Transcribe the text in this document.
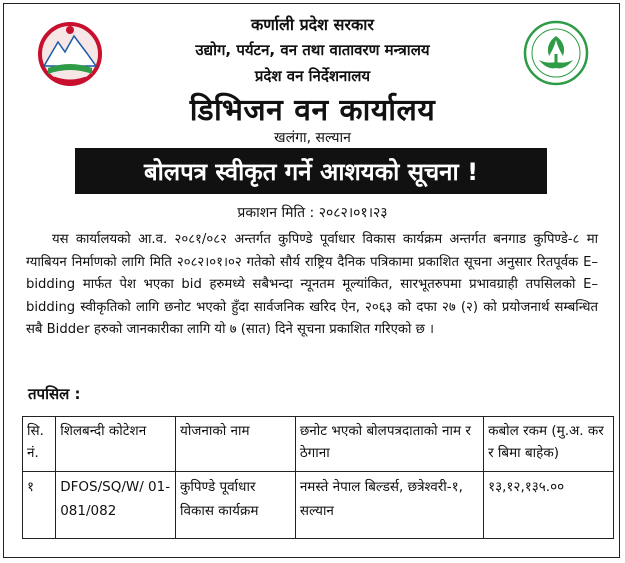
कर्णाली प्रदेश सरकार
उद्योग, पर्यटन, वन तथा वातावरण मन्त्रालय
प्रदेश वन निर्देशनालय
डिभिजन वन कार्यालय
खलंगा, सल्यान
बोलपत्र स्वीकृत गर्ने आशयको सूचना !
प्रकाशन मिति : २०८२।०१।२३
यस कार्यालयको आ.व. २०८१/०८२ अन्तर्गत कुपिण्डे पूर्वाधार विकास कार्यक्रम अन्तर्गत बनगाड कुपिण्डे-८ मा ग्याबियन निर्माणको लागि मिति २०८२।०१।०२ गतेको सौर्य राष्ट्रिय दैनिक पत्रिकामा प्रकाशित सूचना अनुसार रितपूर्वक E–bidding मार्फत पेश भएका bid हरुमध्ये सबैभन्दा न्यूनतम मूल्यांकित, सारभूतरुपमा प्रभावग्राही तपसिलको E–bidding स्वीकृतिको लागि छनोट भएको हुँदा सार्वजनिक खरिद ऐन, २०६३ को दफा २७ (२) को प्रयोजनार्थ सम्बन्धित सबै Bidder हरुको जानकारीका लागि यो ७ (सात) दिने सूचना प्रकाशित गरिएको छ ।
तपसिल :
सि. नं.	शिलबन्दी कोटेशन	योजनाको नाम	छनोट भएको बोलपत्रदाताको नाम र ठेगाना	कबोल रकम (मु.अ. कर र बिमा बाहेक)
१	DFOS/SQ/W/ 01-081/082	कुपिण्डे पूर्वाधार विकास कार्यक्रम	नमस्ते नेपाल बिल्डर्स, छत्रेश्वरी-१, सल्यान	१३,१२,१३५.००
